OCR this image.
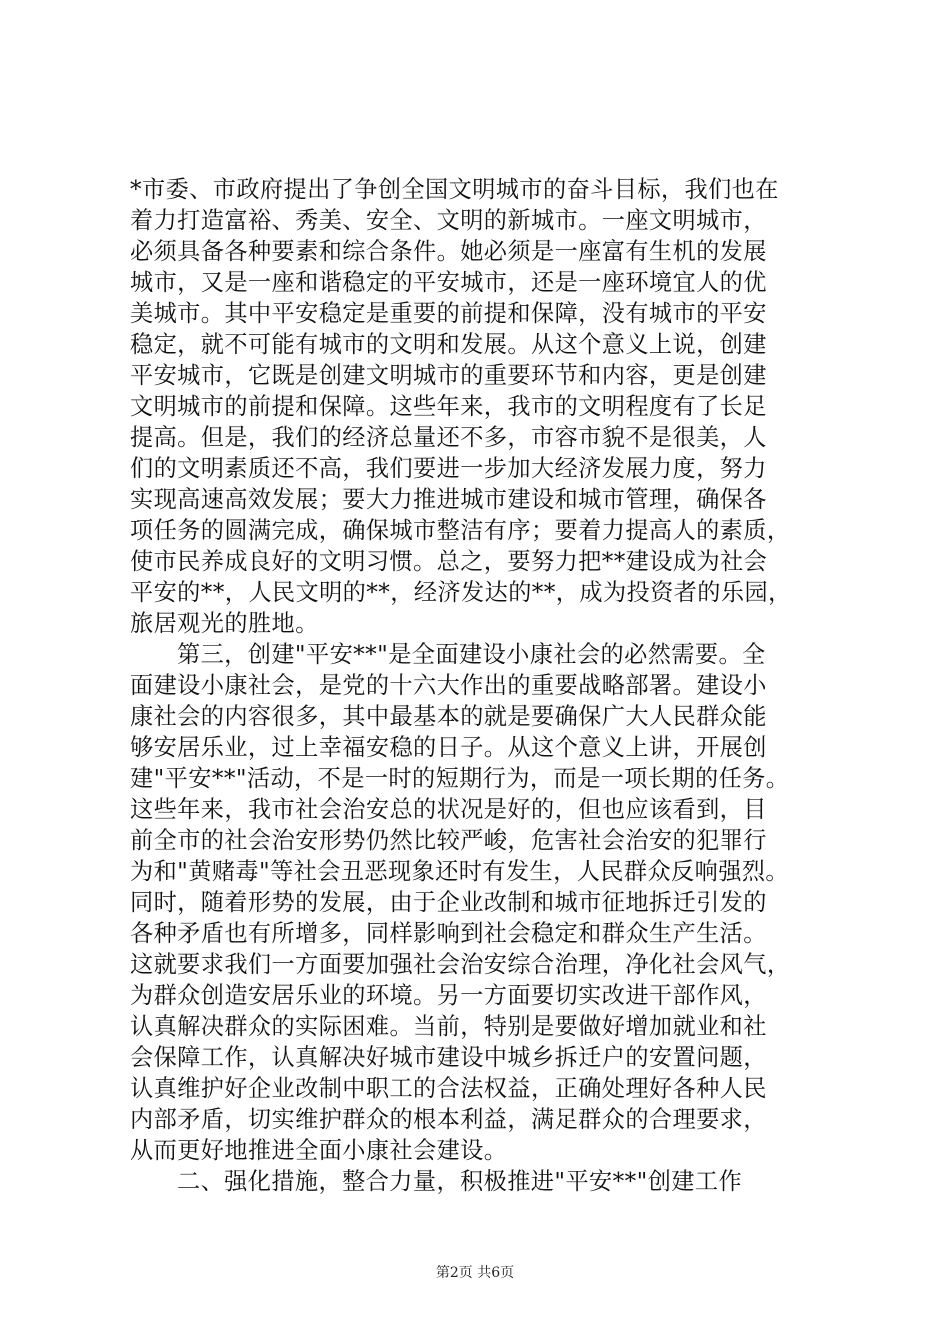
*市委、市政府提出了争创全国文明城市的奋斗目标，我们也在
着力打造富裕、秀美、安全、文明的新城市。一座文明城市，
必须具备各种要素和综合条件。她必须是一座富有生机的发展
城市，又是一座和谐稳定的平安城市，还是一座环境宜人的优
美城市。其中平安稳定是重要的前提和保障，没有城市的平安
稳定，就不可能有城市的文明和发展。从这个意义上说，创建
平安城市，它既是创建文明城市的重要环节和内容，更是创建
文明城市的前提和保障。这些年来，我市的文明程度有了长足
提高。但是，我们的经济总量还不多，市容市貌不是很美，人
们的文明素质还不高，我们要进一步加大经济发展力度，努力
实现高速高效发展；要大力推进城市建设和城市管理，确保各
项任务的圆满完成，确保城市整洁有序；要着力提高人的素质，
使市民养成良好的文明习惯。总之，要努力把**建设成为社会
平安的**，人民文明的**，经济发达的**，成为投资者的乐园，
旅居观光的胜地。
第三，创建"平安**"是全面建设小康社会的必然需要。全
面建设小康社会，是党的十六大作出的重要战略部署。建设小
康社会的内容很多，其中最基本的就是要确保广大人民群众能
够安居乐业，过上幸福安稳的日子。从这个意义上讲，开展创
建"平安**"活动，不是一时的短期行为，而是一项长期的任务。
这些年来，我市社会治安总的状况是好的，但也应该看到，目
前全市的社会治安形势仍然比较严峻，危害社会治安的犯罪行
为和"黄赌毒"等社会丑恶现象还时有发生，人民群众反响强烈。
同时，随着形势的发展，由于企业改制和城市征地拆迁引发的
各种矛盾也有所增多，同样影响到社会稳定和群众生产生活。
这就要求我们一方面要加强社会治安综合治理，净化社会风气，
为群众创造安居乐业的环境。另一方面要切实改进干部作风，
认真解决群众的实际困难。当前，特别是要做好增加就业和社
会保障工作，认真解决好城市建设中城乡拆迁户的安置问题，
认真维护好企业改制中职工的合法权益，正确处理好各种人民
内部矛盾，切实维护群众的根本利益，满足群众的合理要求，
从而更好地推进全面小康社会建设。
二、强化措施，整合力量，积极推进"平安**"创建工作
第2页 共6页
